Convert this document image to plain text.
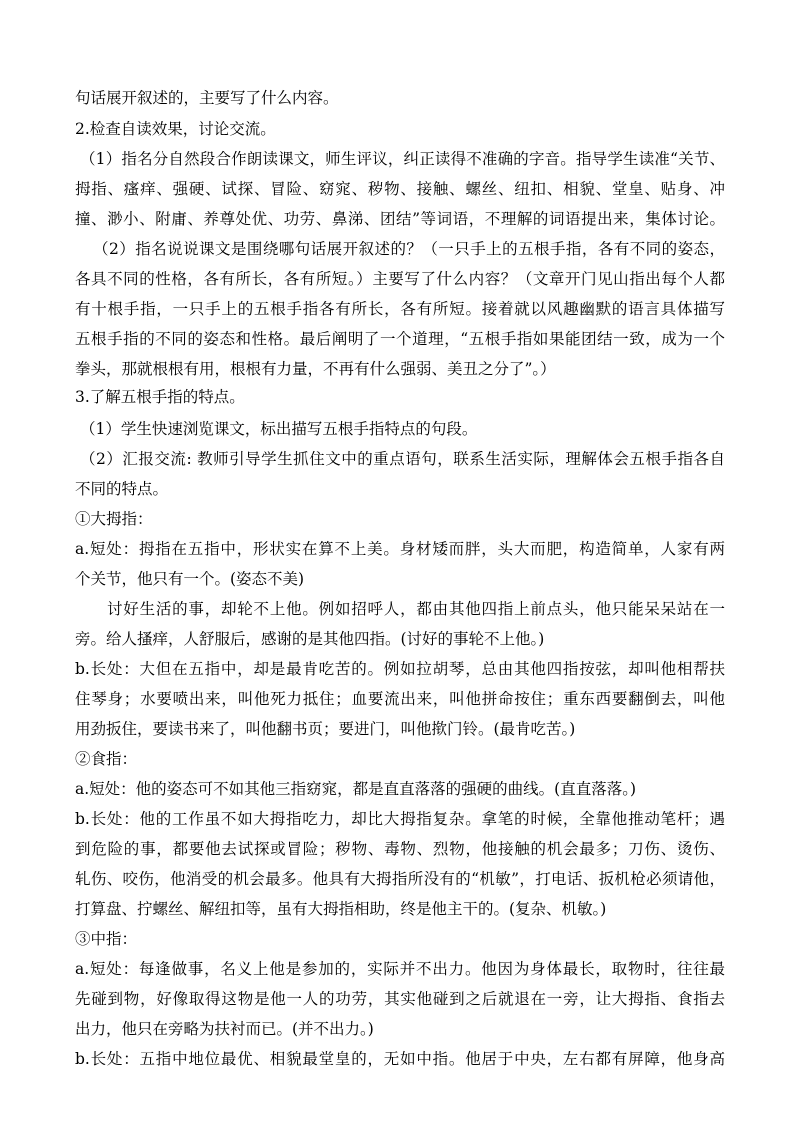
句话展开叙述的，主要写了什么内容。
2.检查自读效果，讨论交流。
（1）指名分自然段合作朗读课文，师生评议，纠正读得不准确的字音。指导学生读准“关节、
拇指、瘙痒、强硬、试探、冒险、窈窕、秽物、接触、螺丝、纽扣、相貌、堂皇、贴身、冲
撞、渺小、附庸、养尊处优、功劳、鼻涕、团结”等词语，不理解的词语提出来，集体讨论。
（2）指名说说课文是围绕哪句话展开叙述的？（一只手上的五根手指，各有不同的姿态，
各具不同的性格，各有所长，各有所短。）主要写了什么内容？（文章开门见山指出每个人都
有十根手指，一只手上的五根手指各有所长，各有所短。接着就以风趣幽默的语言具体描写
五根手指的不同的姿态和性格。最后阐明了一个道理，“五根手指如果能团结一致，成为一个
拳头，那就根根有用，根根有力量，不再有什么强弱、美丑之分了”。）
3.了解五根手指的特点。
（1）学生快速浏览课文，标出描写五根手指特点的句段。
（2）汇报交流: 教师引导学生抓住文中的重点语句，联系生活实际，理解体会五根手指各自
不同的特点。
①大拇指：
a.短处：拇指在五指中，形状实在算不上美。身材矮而胖，头大而肥，构造简单，人家有两
个关节，他只有一个。(姿态不美)
讨好生活的事，却轮不上他。例如招呼人，都由其他四指上前点头，他只能呆呆站在一
旁。给人搔痒，人舒服后，感谢的是其他四指。(讨好的事轮不上他。)
b.长处：大但在五指中，却是最肯吃苦的。例如拉胡琴，总由其他四指按弦，却叫他相帮扶
住琴身；水要喷出来，叫他死力抵住；血要流出来，叫他拼命按住；重东西要翻倒去，叫他
用劲扳住，要读书来了，叫他翻书页；要进门，叫他揿门铃。(最肯吃苦。)
②食指：
a.短处：他的姿态可不如其他三指窈窕，都是直直落落的强硬的曲线。(直直落落。)
b.长处：他的工作虽不如大拇指吃力，却比大拇指复杂。拿笔的时候，全靠他推动笔杆；遇
到危险的事，都要他去试探或冒险；秽物、毒物、烈物，他接触的机会最多；刀伤、烫伤、
轧伤、咬伤，他消受的机会最多。他具有大拇指所没有的“机敏”，打电话、扳机枪必须请他，
打算盘、拧螺丝、解纽扣等，虽有大拇指相助，终是他主干的。(复杂、机敏。)
③中指：
a.短处：每逢做事，名义上他是参加的，实际并不出力。他因为身体最长，取物时，往往最
先碰到物，好像取得这物是他一人的功劳，其实他碰到之后就退在一旁，让大拇指、食指去
出力，他只在旁略为扶衬而已。(并不出力。)
b.长处：五指中地位最优、相貌最堂皇的，无如中指。他居于中央，左右都有屏障，他身高
